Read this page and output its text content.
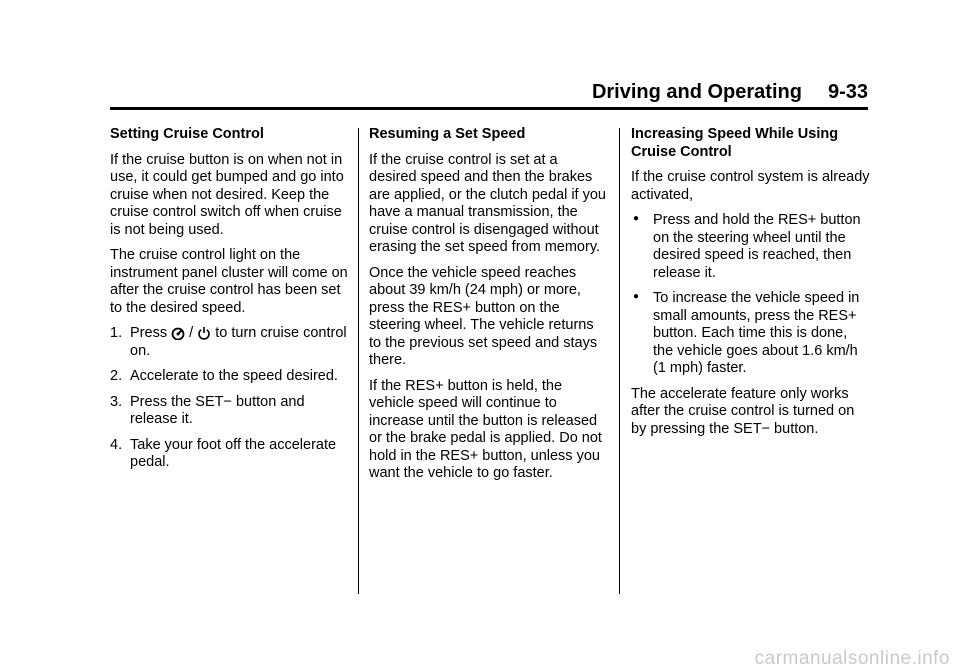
Driving and Operating 9-33
Setting Cruise Control

If the cruise button is on when not in use, it could get bumped and go into cruise when not desired. Keep the cruise control switch off when cruise is not being used.

The cruise control light on the instrument panel cluster will come on after the cruise control has been set to the desired speed.

1. Press / to turn cruise control on.
2. Accelerate to the speed desired.
3. Press the SET− button and release it.
4. Take your foot off the accelerate pedal.
Resuming a Set Speed

If the cruise control is set at a desired speed and then the brakes are applied, or the clutch pedal if you have a manual transmission, the cruise control is disengaged without erasing the set speed from memory.

Once the vehicle speed reaches about 39 km/h (24 mph) or more, press the RES+ button on the steering wheel. The vehicle returns to the previous set speed and stays there.

If the RES+ button is held, the vehicle speed will continue to increase until the button is released or the brake pedal is applied. Do not hold in the RES+ button, unless you want the vehicle to go faster.

Increasing Speed While Using Cruise Control

If the cruise control system is already activated,

● Press and hold the RES+ button on the steering wheel until the desired speed is reached, then release it.
● To increase the vehicle speed in small amounts, press the RES+ button. Each time this is done, the vehicle goes about 1.6 km/h (1 mph) faster.

The accelerate feature only works after the cruise control is turned on by pressing the SET− button.

carmanualsonline.info
